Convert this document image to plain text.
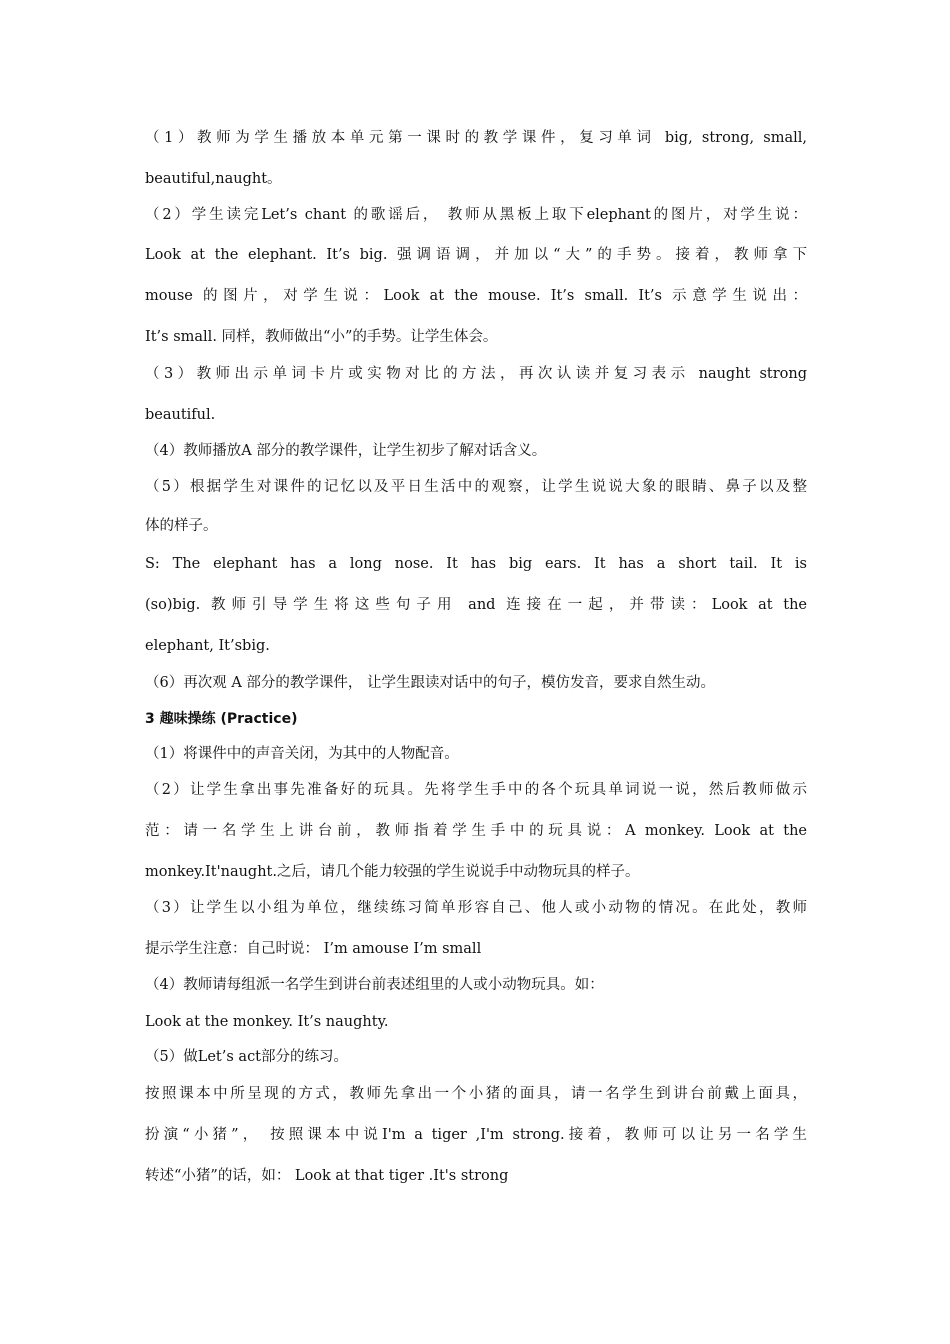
（1）教师为学生播放本单元第一课时的教学课件，复习单词 big, strong, small,
beautiful,naught。
（2）学生读完Let’s chant 的歌谣后， 教师从黑板上取下elephant的图片，对学生说：
Look at the elephant. It’s big. 强调语调，并加以“大”的手势。接着，教师拿下
mouse 的图片，对学生说：Look at the mouse. It’s small. It’s 示意学生说出：
It’s small. 同样，教师做出“小”的手势。让学生体会。
（3）教师出示单词卡片或实物对比的方法，再次认读并复习表示 naught strong
beautiful.
（4）教师播放A 部分的教学课件，让学生初步了解对话含义。
（5）根据学生对课件的记忆以及平日生活中的观察，让学生说说大象的眼睛、鼻子以及整
体的样子。
S: The elephant has a long nose. It has big ears. It has a short tail. It is
(so)big. 教师引导学生将这些句子用 and 连接在一起，并带读：Look at the
elephant, It’sbig.
（6）再次观 A 部分的教学课件， 让学生跟读对话中的句子，模仿发音，要求自然生动。
3 趣味操练 (Practice)
（1）将课件中的声音关闭，为其中的人物配音。
（2）让学生拿出事先准备好的玩具。先将学生手中的各个玩具单词说一说，然后教师做示
范：请一名学生上讲台前，教师指着学生手中的玩具说：A monkey. Look at the
monkey.It'naught.之后，请几个能力较强的学生说说手中动物玩具的样子。
（3）让学生以小组为单位，继续练习简单形容自己、他人或小动物的情况。在此处，教师
提示学生注意：自己时说： I’m amouse I’m small
（4）教师请每组派一名学生到讲台前表述组里的人或小动物玩具。如：
Look at the monkey. It’s naughty.
（5）做Let’s act部分的练习。
按照课本中所呈现的方式，教师先拿出一个小猪的面具，请一名学生到讲台前戴上面具，
扮演“小猪”， 按照课本中说I'm a tiger ,I'm strong.接着，教师可以让另一名学生
转述“小猪”的话，如： Look at that tiger .It's strong
